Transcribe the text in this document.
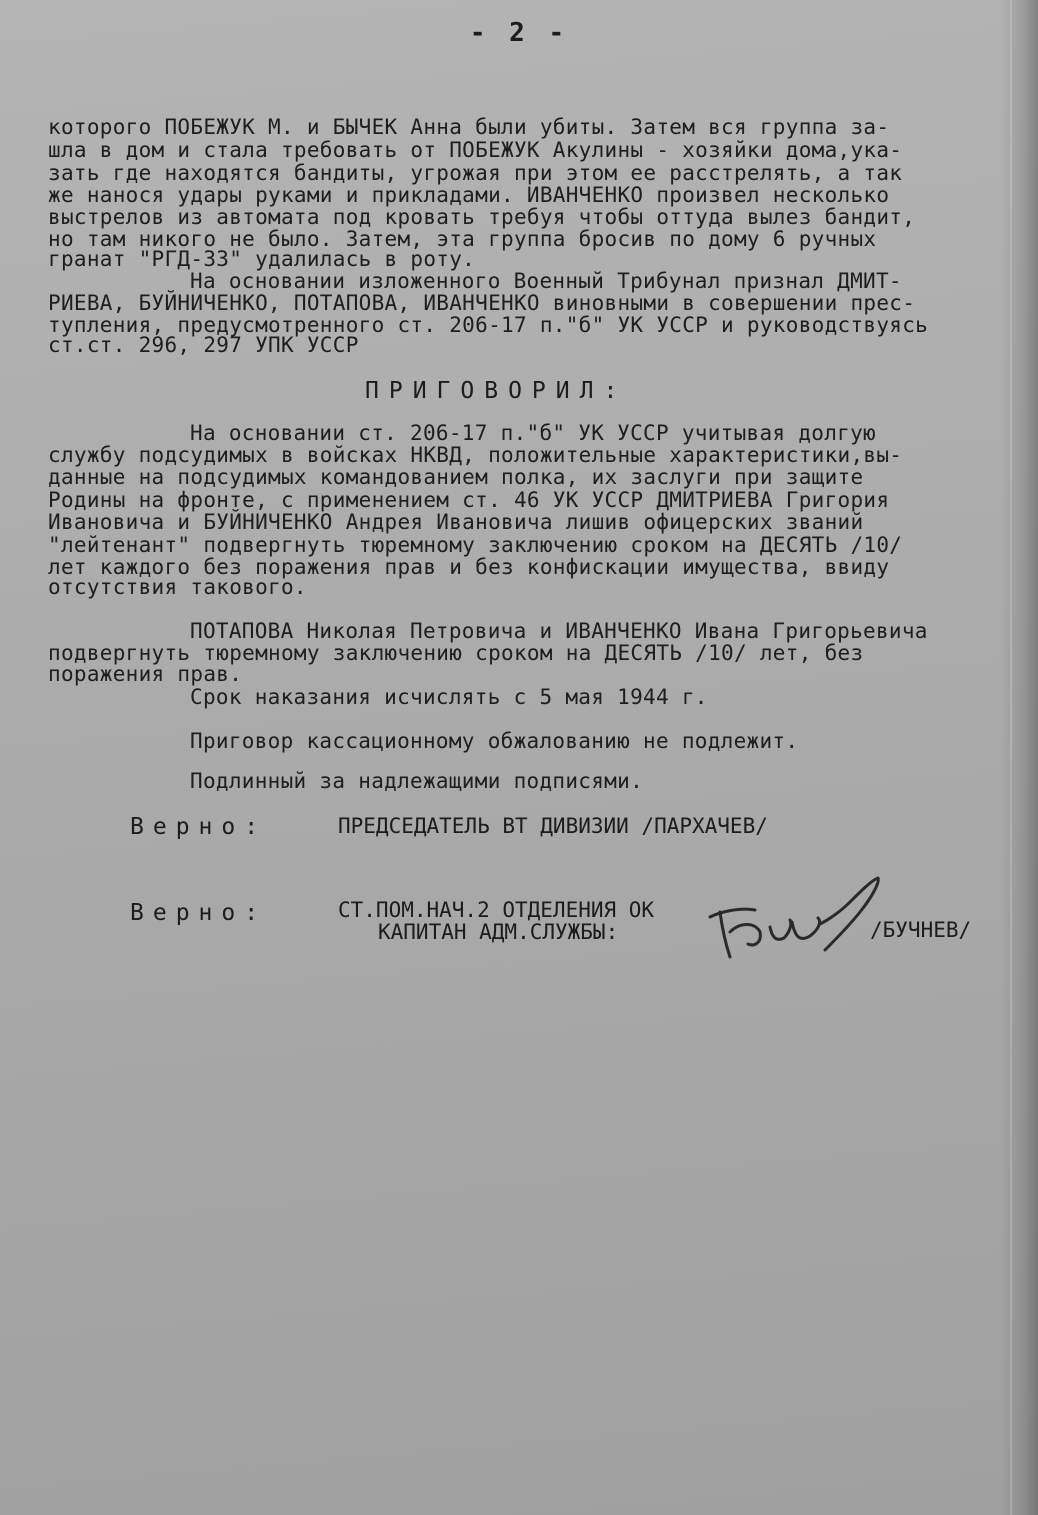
- 2 -
которого ПОБЕЖУК М. и БЫЧЕК Анна были убиты. Затем вся группа за-
шла в дом и стала требовать от ПОБЕЖУК Акулины - хозяйки дома,ука-
зать где находятся бандиты, угрожая при этом ее расстрелять, а так
же нанося удары руками и прикладами. ИВАНЧЕНКО произвел несколько
выстрелов из автомата под кровать требуя чтобы оттуда вылез бандит,
но там никого не было. Затем, эта группа бросив по дому 6 ручных
гранат "РГД-33" удалилась в роту.
На основании изложенного Военный Трибунал признал ДМИТ-
РИЕВА, БУЙНИЧЕНКО, ПОТАПОВА, ИВАНЧЕНКО виновными в совершении прес-
тупления, предусмотренного ст. 206-17 п."б" УК УССР и руководствуясь
ст.ст. 296, 297 УПК УССР
ПРИГОВОРИЛ:
На основании ст. 206-17 п."б" УК УССР учитывая долгую
службу подсудимых в войсках НКВД, положительные характеристики,вы-
данные на подсудимых командованием полка, их заслуги при защите
Родины на фронте, с применением ст. 46 УК УССР ДМИТРИЕВА Григория
Ивановича и БУЙНИЧЕНКО Андрея Ивановича лишив офицерских званий
"лейтенант" подвергнуть тюремному заключению сроком на ДЕСЯТЬ /10/
лет каждого без поражения прав и без конфискации имущества, ввиду
отсутствия такового.
ПОТАПОВА Николая Петровича и ИВАНЧЕНКО Ивана Григорьевича
подвергнуть тюремному заключению сроком на ДЕСЯТЬ /10/ лет, без
поражения прав.
Срок наказания исчислять с 5 мая 1944 г.
Приговор кассационному обжалованию не подлежит.
Подлинный за надлежащими подписями.
Верно:	ПРЕДСЕДАТЕЛЬ ВТ ДИВИЗИИ /ПАРХАЧЕВ/
Верно:	СТ.ПОМ.НАЧ.2 ОТДЕЛЕНИЯ ОК
КАПИТАН АДМ.СЛУЖБЫ:	/БУЧНЕВ/
